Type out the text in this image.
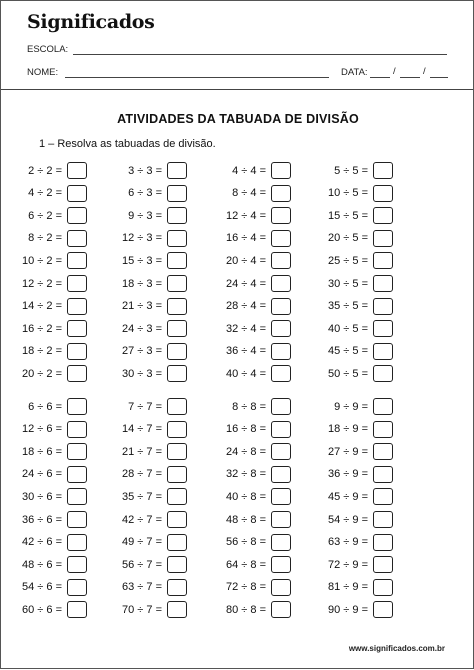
Significados
ESCOLA:
NOME:	DATA:	/	/
ATIVIDADES DA TABUADA DE DIVISÃO
1 – Resolva as tabuadas de divisão.
2 ÷ 2 =
4 ÷ 2 =
6 ÷ 2 =
8 ÷ 2 =
10 ÷ 2 =
12 ÷ 2 =
14 ÷ 2 =
16 ÷ 2 =
18 ÷ 2 =
20 ÷ 2 =
3 ÷ 3 =
6 ÷ 3 =
9 ÷ 3 =
12 ÷ 3 =
15 ÷ 3 =
18 ÷ 3 =
21 ÷ 3 =
24 ÷ 3 =
27 ÷ 3 =
30 ÷ 3 =
4 ÷ 4 =
8 ÷ 4 =
12 ÷ 4 =
16 ÷ 4 =
20 ÷ 4 =
24 ÷ 4 =
28 ÷ 4 =
32 ÷ 4 =
36 ÷ 4 =
40 ÷ 4 =
5 ÷ 5 =
10 ÷ 5 =
15 ÷ 5 =
20 ÷ 5 =
25 ÷ 5 =
30 ÷ 5 =
35 ÷ 5 =
40 ÷ 5 =
45 ÷ 5 =
50 ÷ 5 =
6 ÷ 6 =
12 ÷ 6 =
18 ÷ 6 =
24 ÷ 6 =
30 ÷ 6 =
36 ÷ 6 =
42 ÷ 6 =
48 ÷ 6 =
54 ÷ 6 =
60 ÷ 6 =
7 ÷ 7 =
14 ÷ 7 =
21 ÷ 7 =
28 ÷ 7 =
35 ÷ 7 =
42 ÷ 7 =
49 ÷ 7 =
56 ÷ 7 =
63 ÷ 7 =
70 ÷ 7 =
8 ÷ 8 =
16 ÷ 8 =
24 ÷ 8 =
32 ÷ 8 =
40 ÷ 8 =
48 ÷ 8 =
56 ÷ 8 =
64 ÷ 8 =
72 ÷ 8 =
80 ÷ 8 =
9 ÷ 9 =
18 ÷ 9 =
27 ÷ 9 =
36 ÷ 9 =
45 ÷ 9 =
54 ÷ 9 =
63 ÷ 9 =
72 ÷ 9 =
81 ÷ 9 =
90 ÷ 9 =
www.significados.com.br
